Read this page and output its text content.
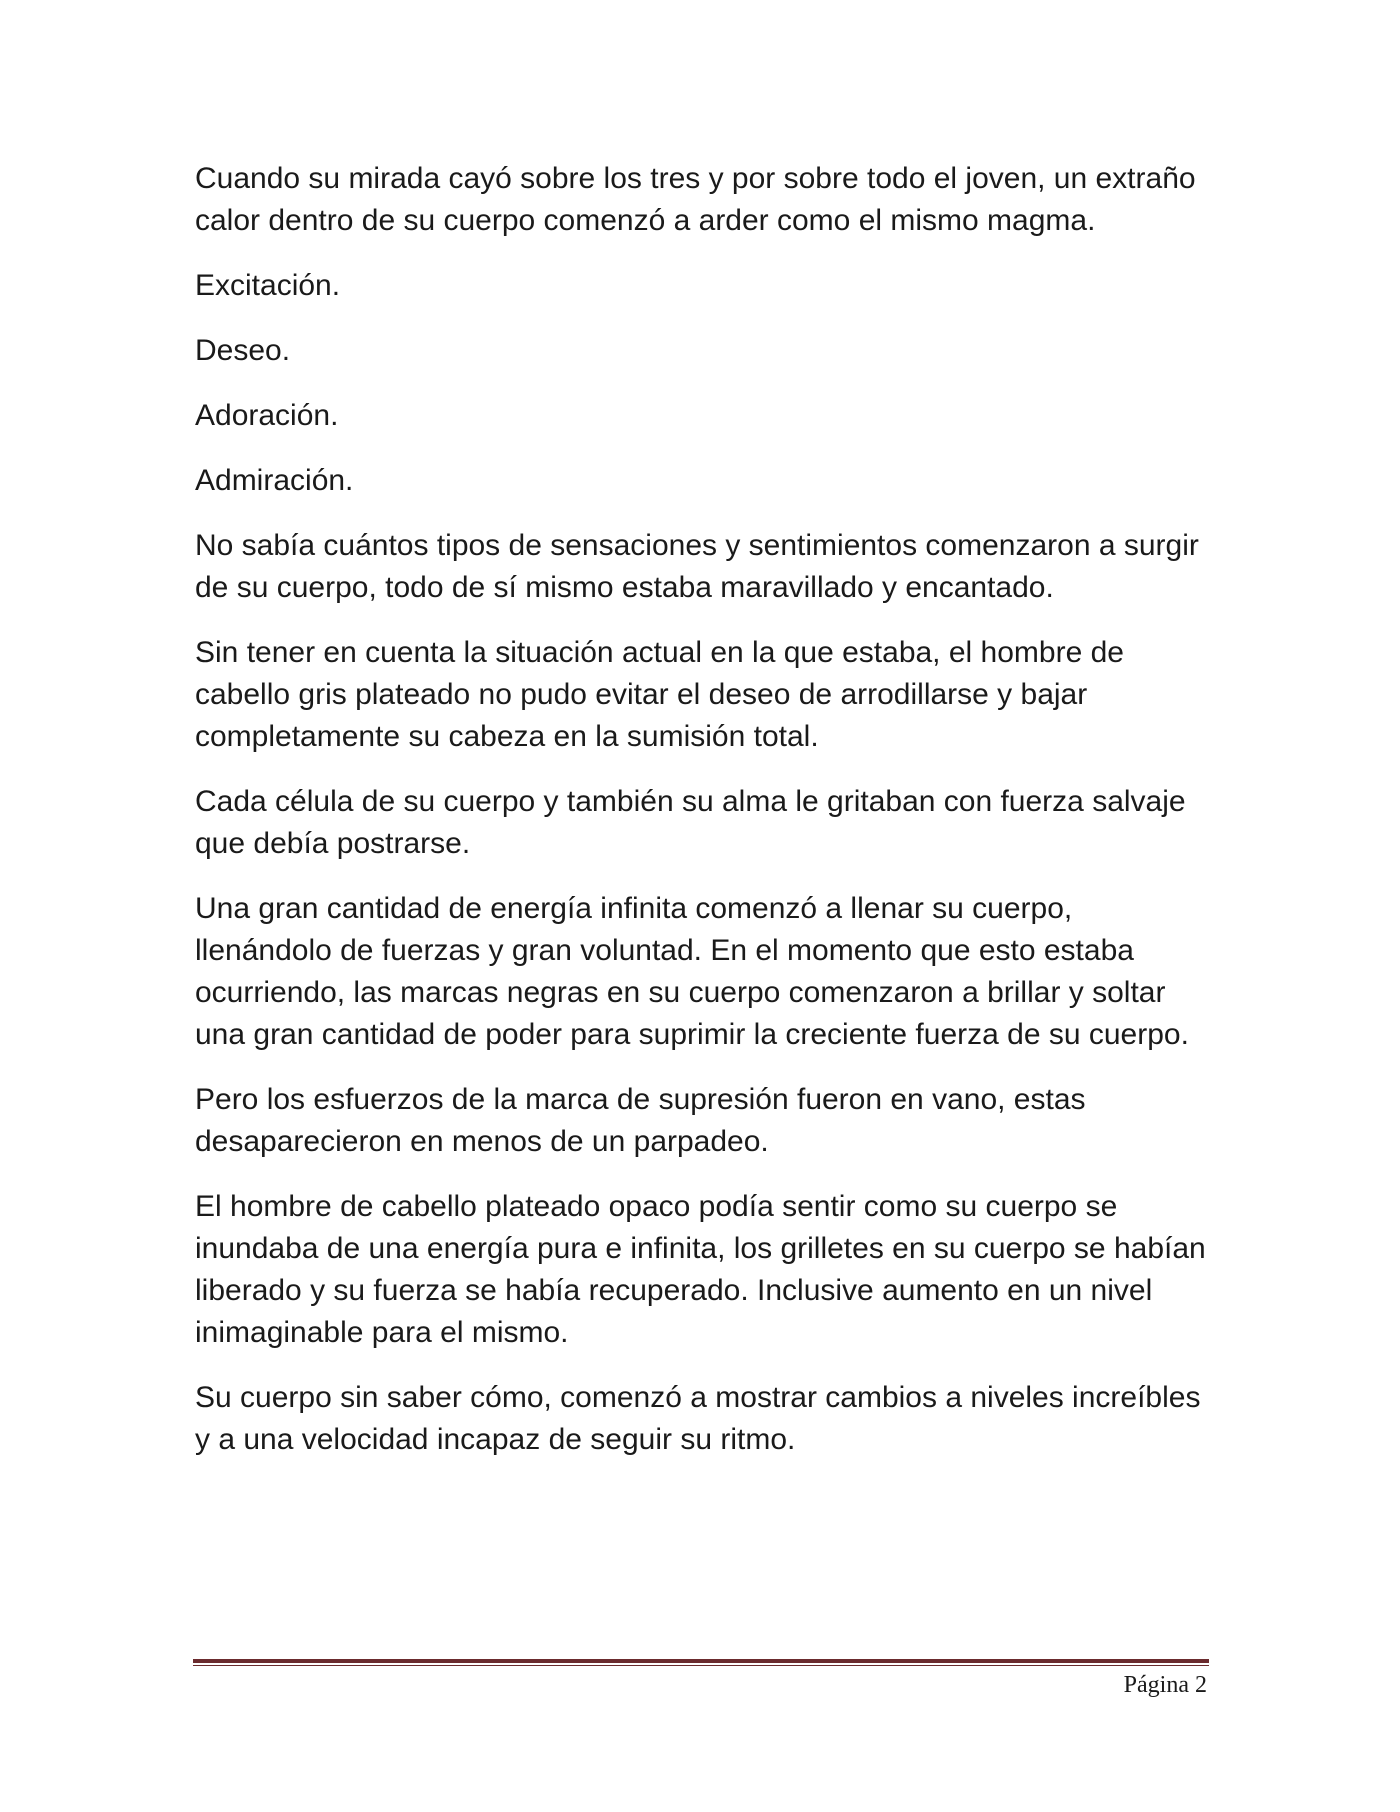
Cuando su mirada cayó sobre los tres y por sobre todo el joven, un extraño calor dentro de su cuerpo comenzó a arder como el mismo magma.

Excitación.

Deseo.

Adoración.

Admiración.

No sabía cuántos tipos de sensaciones y sentimientos comenzaron a surgir de su cuerpo, todo de sí mismo estaba maravillado y encantado.

Sin tener en cuenta la situación actual en la que estaba, el hombre de cabello gris plateado no pudo evitar el deseo de arrodillarse y bajar completamente su cabeza en la sumisión total.

Cada célula de su cuerpo y también su alma le gritaban con fuerza salvaje que debía postrarse.

Una gran cantidad de energía infinita comenzó a llenar su cuerpo, llenándolo de fuerzas y gran voluntad. En el momento que esto estaba ocurriendo, las marcas negras en su cuerpo comenzaron a brillar y soltar una gran cantidad de poder para suprimir la creciente fuerza de su cuerpo.

Pero los esfuerzos de la marca de supresión fueron en vano, estas desaparecieron en menos de un parpadeo.

El hombre de cabello plateado opaco podía sentir como su cuerpo se inundaba de una energía pura e infinita, los grilletes en su cuerpo se habían liberado y su fuerza se había recuperado. Inclusive aumento en un nivel inimaginable para el mismo.

Su cuerpo sin saber cómo, comenzó a mostrar cambios a niveles increíbles y a una velocidad incapaz de seguir su ritmo.

Página 2
